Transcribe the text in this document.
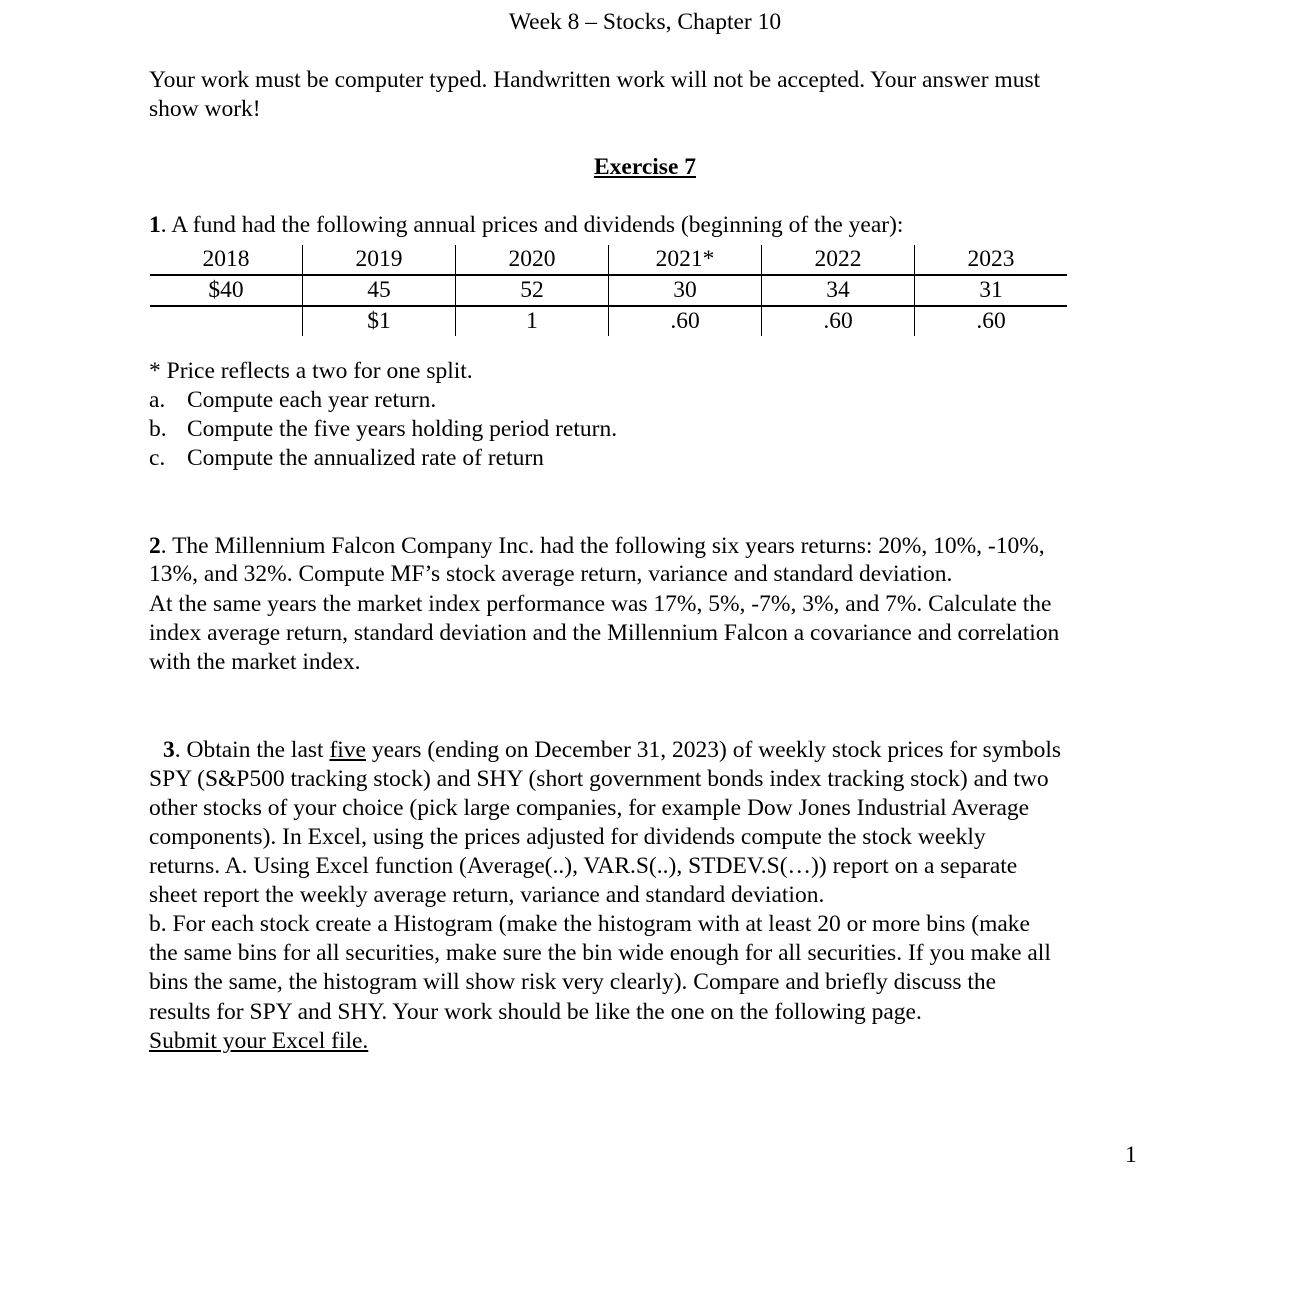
Week 8 – Stocks, Chapter 10
Your work must be computer typed. Handwritten work will not be accepted. Your answer must
show work!
Exercise 7
1. A fund had the following annual prices and dividends (beginning of the year):
2018	2019	2020	2021*	2022	2023
$40	45	52	30	34	31
	$1	1	.60	.60	.60
* Price reflects a two for one split.
a. Compute each year return.
b. Compute the five years holding period return.
c. Compute the annualized rate of return
2. The Millennium Falcon Company Inc. had the following six years returns: 20%, 10%, -10%,
13%, and 32%. Compute MF’s stock average return, variance and standard deviation.
At the same years the market index performance was 17%, 5%, -7%, 3%, and 7%. Calculate the
index average return, standard deviation and the Millennium Falcon a covariance and correlation
with the market index.
3. Obtain the last five years (ending on December 31, 2023) of weekly stock prices for symbols
SPY (S&P500 tracking stock) and SHY (short government bonds index tracking stock) and two
other stocks of your choice (pick large companies, for example Dow Jones Industrial Average
components). In Excel, using the prices adjusted for dividends compute the stock weekly
returns. A. Using Excel function (Average(..), VAR.S(..), STDEV.S(…)) report on a separate
sheet report the weekly average return, variance and standard deviation.
b. For each stock create a Histogram (make the histogram with at least 20 or more bins (make
the same bins for all securities, make sure the bin wide enough for all securities. If you make all
bins the same, the histogram will show risk very clearly). Compare and briefly discuss the
results for SPY and SHY. Your work should be like the one on the following page.
Submit your Excel file.
1
